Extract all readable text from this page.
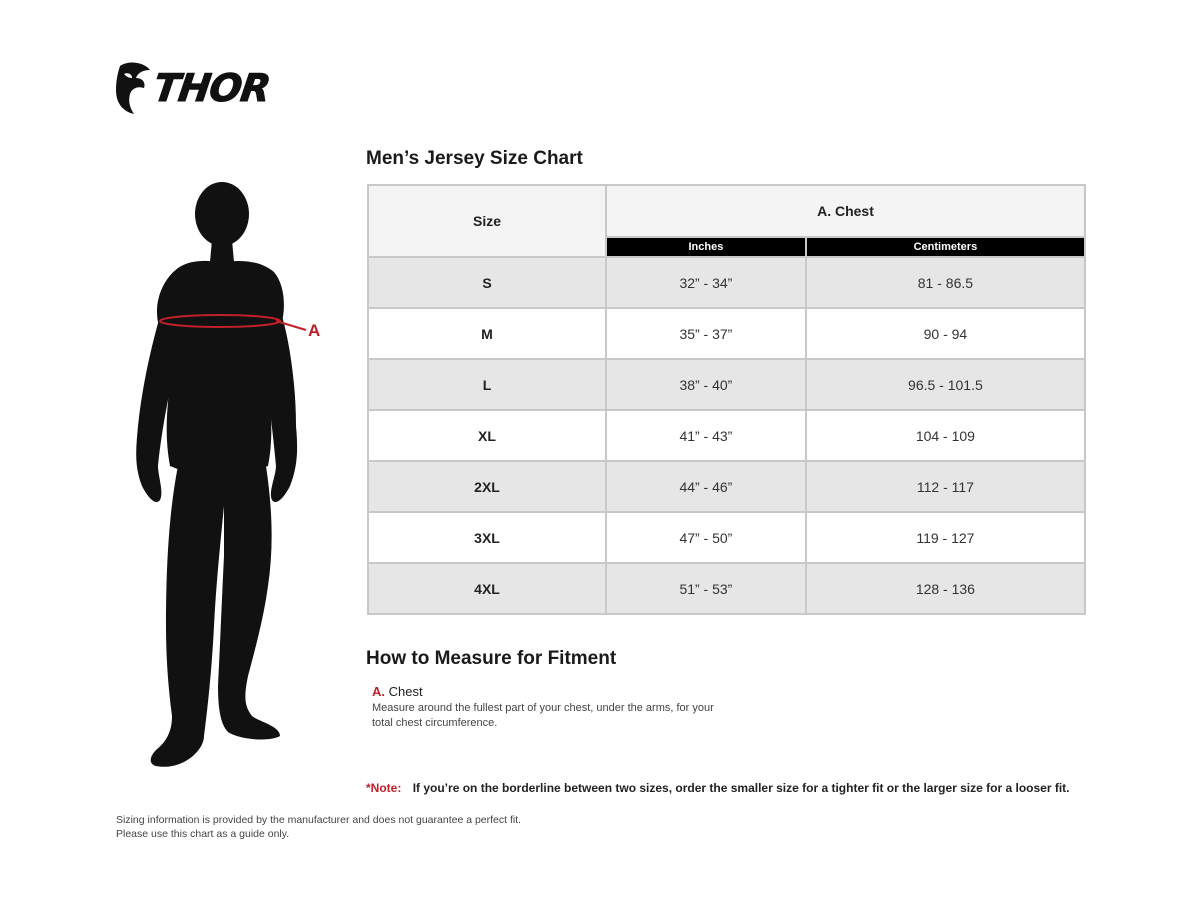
THOR
A
Men’s Jersey Size Chart
Size	A. Chest	
	Inches	Centimeters
S	32” - 34”	81 - 86.5
M	35” - 37”	90 - 94
L	38” - 40”	96.5 - 101.5
XL	41” - 43”	104 - 109
2XL	44” - 46”	112 - 117
3XL	47” - 50”	119 - 127
4XL	51” - 53”	128 - 136
How to Measure for Fitment
A. Chest
Measure around the fullest part of your chest, under the arms, for your
total chest circumference.
*Note: If you’re on the borderline between two sizes, order the smaller size for a tighter fit or the larger size for a looser fit.
Sizing information is provided by the manufacturer and does not guarantee a perfect fit.
Please use this chart as a guide only.
